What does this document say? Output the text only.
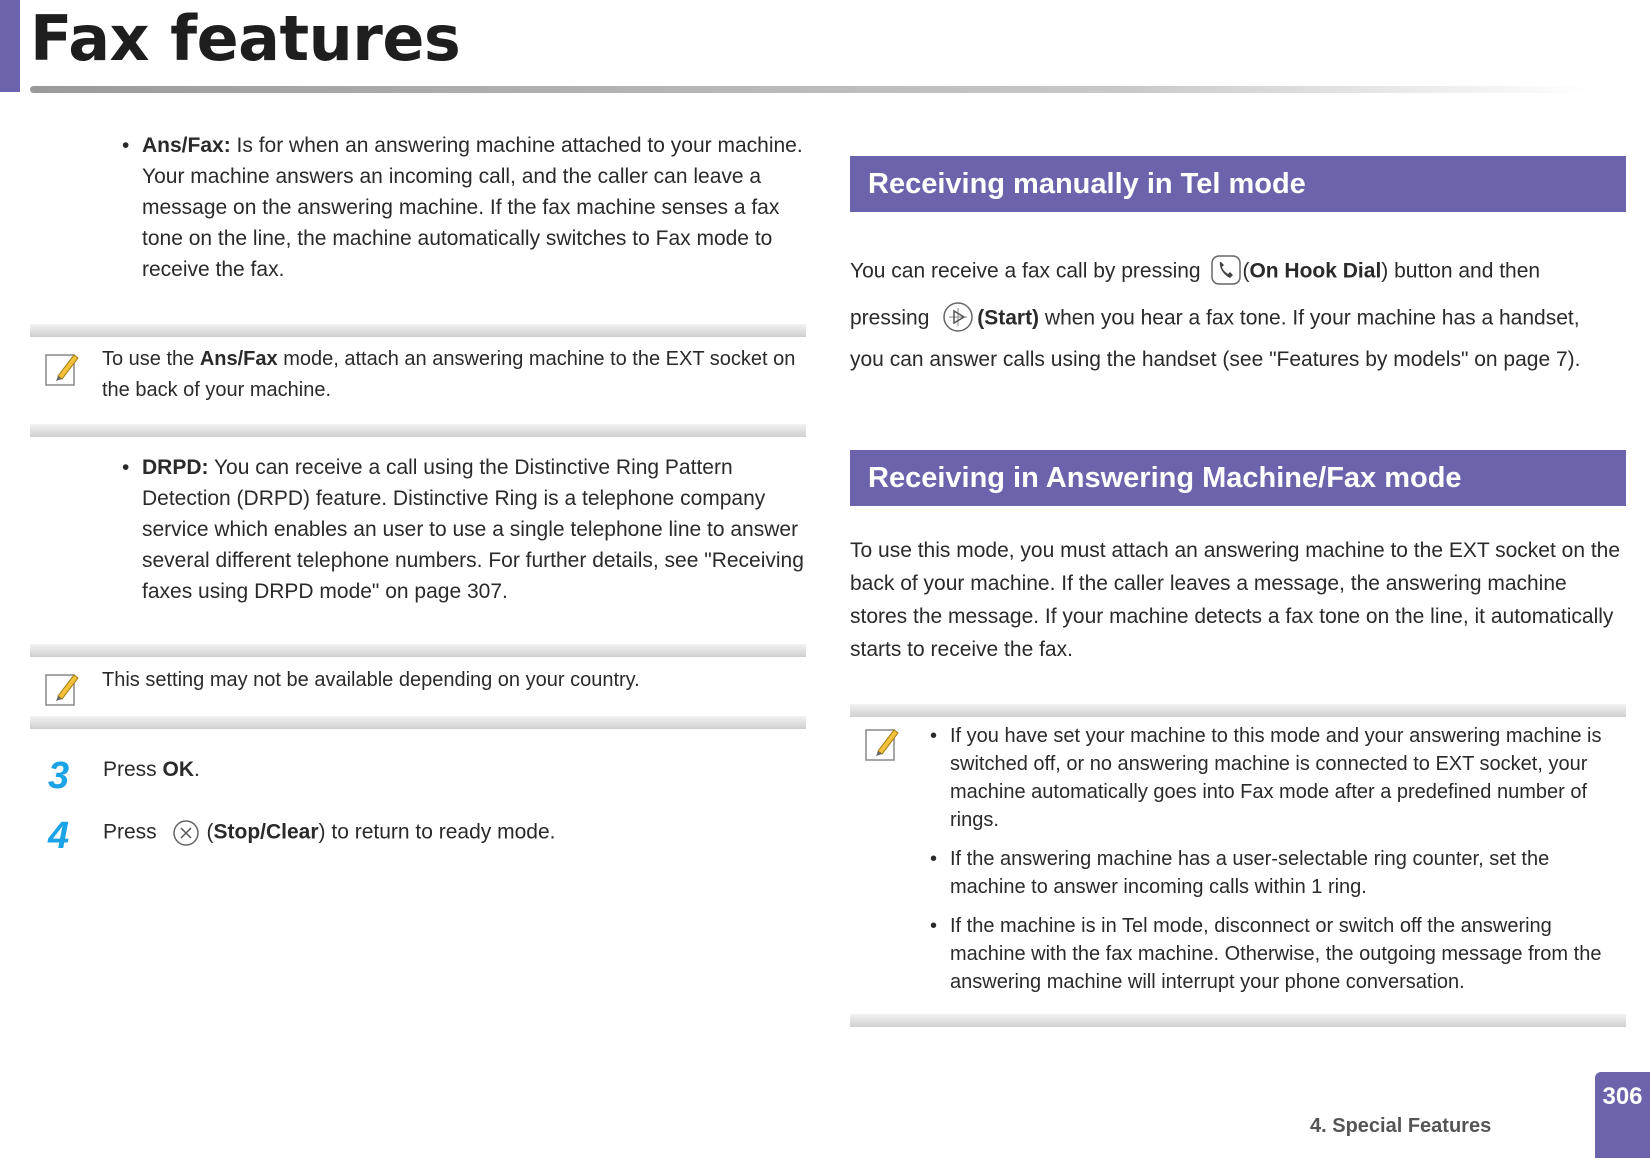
Fax features
• Ans/Fax: Is for when an answering machine attached to your machine. Your machine answers an incoming call, and the caller can leave a message on the answering machine. If the fax machine senses a fax tone on the line, the machine automatically switches to Fax mode to receive the fax.
To use the Ans/Fax mode, attach an answering machine to the EXT socket on the back of your machine.
• DRPD: You can receive a call using the Distinctive Ring Pattern Detection (DRPD) feature. Distinctive Ring is a telephone company service which enables an user to use a single telephone line to answer several different telephone numbers. For further details, see "Receiving faxes using DRPD mode" on page 307.
This setting may not be available depending on your country.
3 Press OK.
4 Press (Stop/Clear) to return to ready mode.
Receiving manually in Tel mode
You can receive a fax call by pressing (On Hook Dial) button and then
pressing (Start) when you hear a fax tone. If your machine has a handset,
you can answer calls using the handset (see "Features by models" on page 7).
Receiving in Answering Machine/Fax mode
To use this mode, you must attach an answering machine to the EXT socket on the back of your machine. If the caller leaves a message, the answering machine stores the message. If your machine detects a fax tone on the line, it automatically starts to receive the fax.
• If you have set your machine to this mode and your answering machine is switched off, or no answering machine is connected to EXT socket, your machine automatically goes into Fax mode after a predefined number of rings.
• If the answering machine has a user-selectable ring counter, set the machine to answer incoming calls within 1 ring.
• If the machine is in Tel mode, disconnect or switch off the answering machine with the fax machine. Otherwise, the outgoing message from the answering machine will interrupt your phone conversation.
4. Special Features
306
